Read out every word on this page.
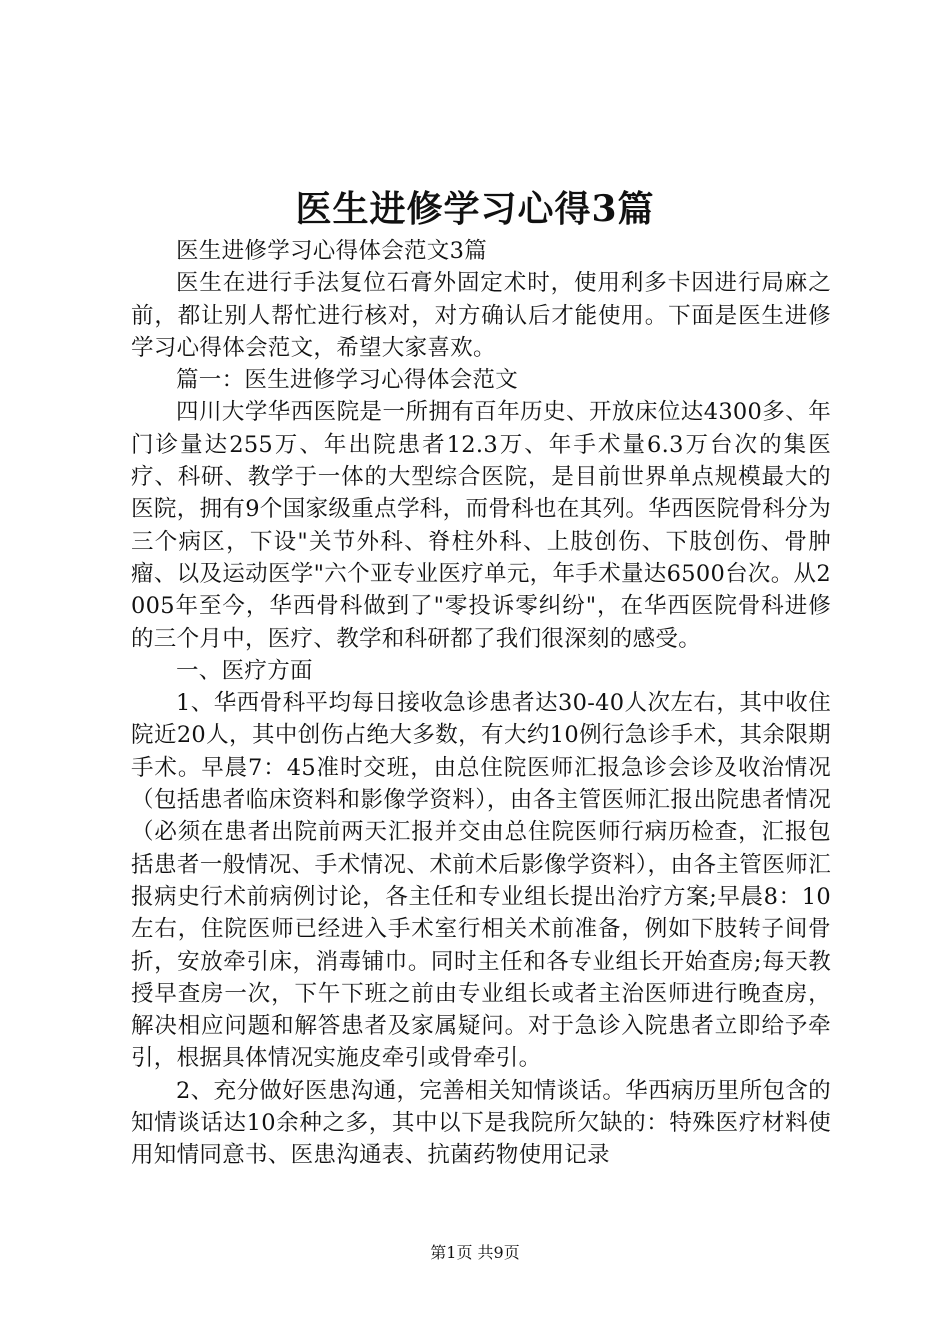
医生进修学习心得3篇

医生进修学习心得体会范文3篇

医生在进行手法复位石膏外固定术时，使用利多卡因进行局麻之前，都让别人帮忙进行核对，对方确认后才能使用。下面是医生进修学习心得体会范文，希望大家喜欢。

篇一：医生进修学习心得体会范文

四川大学华西医院是一所拥有百年历史、开放床位达4300多、年门诊量达255万、年出院患者12.3万、年手术量6.3万台次的集医疗、科研、教学于一体的大型综合医院，是目前世界单点规模最大的医院，拥有9个国家级重点学科，而骨科也在其列。华西医院骨科分为三个病区，下设"关节外科、脊柱外科、上肢创伤、下肢创伤、骨肿瘤、以及运动医学"六个亚专业医疗单元，年手术量达6500台次。从2005年至今，华西骨科做到了"零投诉零纠纷"，在华西医院骨科进修的三个月中，医疗、教学和科研都了我们很深刻的感受。

一、医疗方面

1、华西骨科平均每日接收急诊患者达30-40人次左右，其中收住院近20人，其中创伤占绝大多数，有大约10例行急诊手术，其余限期手术。早晨7：45准时交班，由总住院医师汇报急诊会诊及收治情况（包括患者临床资料和影像学资料），由各主管医师汇报出院患者情况（必须在患者出院前两天汇报并交由总住院医师行病历检查，汇报包括患者一般情况、手术情况、术前术后影像学资料），由各主管医师汇报病史行术前病例讨论，各主任和专业组长提出治疗方案;早晨8：10左右，住院医师已经进入手术室行相关术前准备，例如下肢转子间骨折，安放牵引床，消毒铺巾。同时主任和各专业组长开始查房;每天教授早查房一次，下午下班之前由专业组长或者主治医师进行晚查房，解决相应问题和解答患者及家属疑问。对于急诊入院患者立即给予牵引，根据具体情况实施皮牵引或骨牵引。

2、充分做好医患沟通，完善相关知情谈话。华西病历里所包含的知情谈话达10余种之多，其中以下是我院所欠缺的：特殊医疗材料使用知情同意书、医患沟通表、抗菌药物使用记录

第1页 共9页
